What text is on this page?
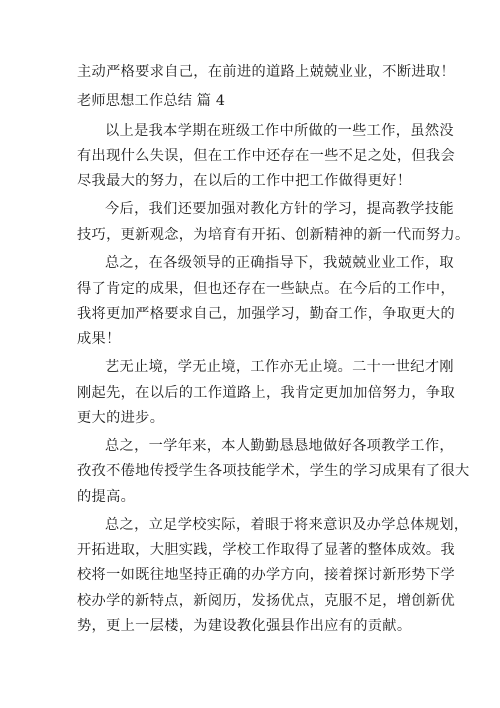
主动严格要求自己，在前进的道路上兢兢业业，不断进取！
老师思想工作总结 篇 4
以上是我本学期在班级工作中所做的一些工作，虽然没
有出现什么失误，但在工作中还存在一些不足之处，但我会
尽我最大的努力，在以后的工作中把工作做得更好！
今后，我们还要加强对教化方针的学习，提高教学技能
技巧，更新观念，为培育有开拓、创新精神的新一代而努力。
总之，在各级领导的正确指导下，我兢兢业业工作，取
得了肯定的成果，但也还存在一些缺点。在今后的工作中，
我将更加严格要求自己，加强学习，勤奋工作，争取更大的
成果！
艺无止境，学无止境，工作亦无止境。二十一世纪才刚
刚起先，在以后的工作道路上，我肯定更加加倍努力，争取
更大的进步。
总之，一学年来，本人勤勤恳恳地做好各项教学工作，
孜孜不倦地传授学生各项技能学术，学生的学习成果有了很大
的提高。
总之，立足学校实际，着眼于将来意识及办学总体规划，
开拓进取，大胆实践，学校工作取得了显著的整体成效。我
校将一如既往地坚持正确的办学方向，接着探讨新形势下学
校办学的新特点，新阅历，发扬优点，克服不足，增创新优
势，更上一层楼，为建设教化强县作出应有的贡献。
